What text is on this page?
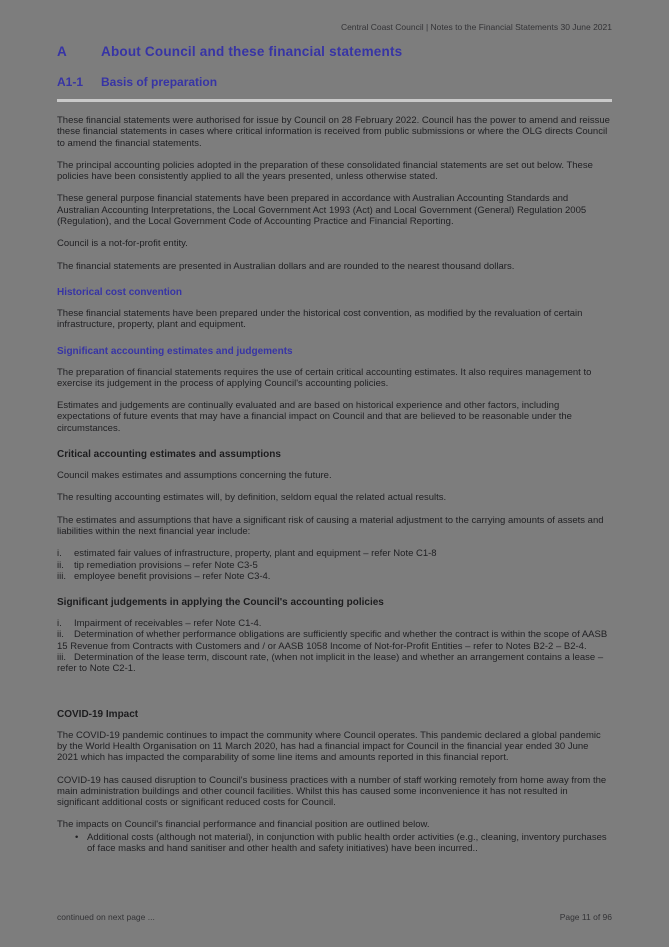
Central Coast Council | Notes to the Financial Statements 30 June 2021
A	About Council and these financial statements
A1-1	Basis of preparation

These financial statements were authorised for issue by Council on 28 February 2022. Council has the power to amend and reissue these financial statements in cases where critical information is received from public submissions or where the OLG directs Council to amend the financial statements.

The principal accounting policies adopted in the preparation of these consolidated financial statements are set out below. These policies have been consistently applied to all the years presented, unless otherwise stated.

These general purpose financial statements have been prepared in accordance with Australian Accounting Standards and Australian Accounting Interpretations, the Local Government Act 1993 (Act) and Local Government (General) Regulation 2005 (Regulation), and the Local Government Code of Accounting Practice and Financial Reporting.

Council is a not-for-profit entity.

The financial statements are presented in Australian dollars and are rounded to the nearest thousand dollars.

Historical cost convention

These financial statements have been prepared under the historical cost convention, as modified by the revaluation of certain infrastructure, property, plant and equipment.

Significant accounting estimates and judgements

The preparation of financial statements requires the use of certain critical accounting estimates. It also requires management to exercise its judgement in the process of applying Council's accounting policies.

Estimates and judgements are continually evaluated and are based on historical experience and other factors, including expectations of future events that may have a financial impact on Council and that are believed to be reasonable under the circumstances.

Critical accounting estimates and assumptions

Council makes estimates and assumptions concerning the future.

The resulting accounting estimates will, by definition, seldom equal the related actual results.

The estimates and assumptions that have a significant risk of causing a material adjustment to the carrying amounts of assets and liabilities within the next financial year include:

i. estimated fair values of infrastructure, property, plant and equipment – refer Note C1-8

ii. tip remediation provisions – refer Note C3-5

iii. employee benefit provisions – refer Note C3-4.

Significant judgements in applying the Council's accounting policies

i. Impairment of receivables – refer Note C1-4.

ii. Determination of whether performance obligations are sufficiently specific and whether the contract is within the scope of AASB 15 Revenue from Contracts with Customers and / or AASB 1058 Income of Not-for-Profit Entities – refer to Notes B2-2 – B2-4.

iii. Determination of the lease term, discount rate, (when not implicit in the lease) and whether an arrangement contains a lease – refer to Note C2-1.

COVID-19 Impact

The COVID-19 pandemic continues to impact the community where Council operates. This pandemic declared a global pandemic by the World Health Organisation on 11 March 2020, has had a financial impact for Council in the financial year ended 30 June 2021 which has impacted the comparability of some line items and amounts reported in this financial report.

COVID-19 has caused disruption to Council's business practices with a number of staff working remotely from home away from the main administration buildings and other council facilities. Whilst this has caused some inconvenience it has not resulted in significant additional costs or significant reduced costs for Council.

The impacts on Council's financial performance and financial position are outlined below.

• Additional costs (although not material), in conjunction with public health order activities (e.g., cleaning, inventory purchases of face masks and hand sanitiser and other health and safety initiatives) have been incurred..

continued on next page ...	Page 11 of 96
